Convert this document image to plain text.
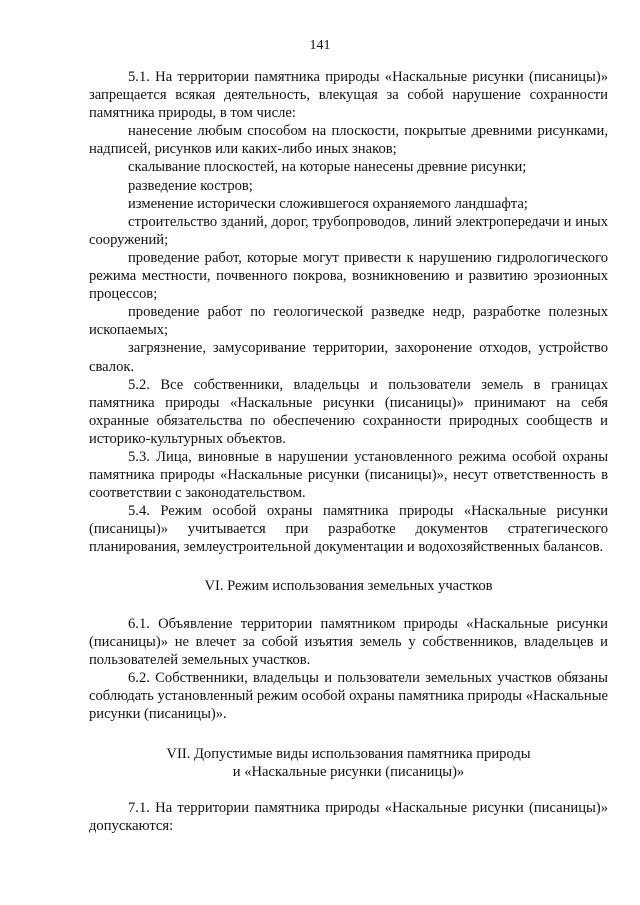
141

5.1. На территории памятника природы «Наскальные рисунки (писаницы)» запрещается всякая деятельность, влекущая за собой нарушение сохранности памятника природы, в том числе:

нанесение любым способом на плоскости, покрытые древними рисунками, надписей, рисунков или каких-либо иных знаков;

скалывание плоскостей, на которые нанесены древние рисунки;

разведение костров;

изменение исторически сложившегося охраняемого ландшафта;

строительство зданий, дорог, трубопроводов, линий электропередачи и иных сооружений;

проведение работ, которые могут привести к нарушению гидрологического режима местности, почвенного покрова, возникновению и развитию эрозионных процессов;

проведение работ по геологической разведке недр, разработке полезных ископаемых;

загрязнение, замусоривание территории, захоронение отходов, устройство свалок.

5.2. Все собственники, владельцы и пользователи земель в границах памятника природы «Наскальные рисунки (писаницы)» принимают на себя охранные обязательства по обеспечению сохранности природных сообществ и историко-культурных объектов.

5.3. Лица, виновные в нарушении установленного режима особой охраны памятника природы «Наскальные рисунки (писаницы)», несут ответственность в соответствии с законодательством.

5.4. Режим особой охраны памятника природы «Наскальные рисунки (писаницы)» учитывается при разработке документов стратегического планирования, землеустроительной документации и водохозяйственных балансов.

VI. Режим использования земельных участков

6.1. Объявление территории памятником природы «Наскальные рисунки (писаницы)» не влечет за собой изъятия земель у собственников, владельцев и пользователей земельных участков.

6.2. Собственники, владельцы и пользователи земельных участков обязаны соблюдать установленный режим особой охраны памятника природы «Наскальные рисунки (писаницы)».

VII. Допустимые виды использования памятника природы

и «Наскальные рисунки (писаницы)»

7.1. На территории памятника природы «Наскальные рисунки (писаницы)» допускаются:
